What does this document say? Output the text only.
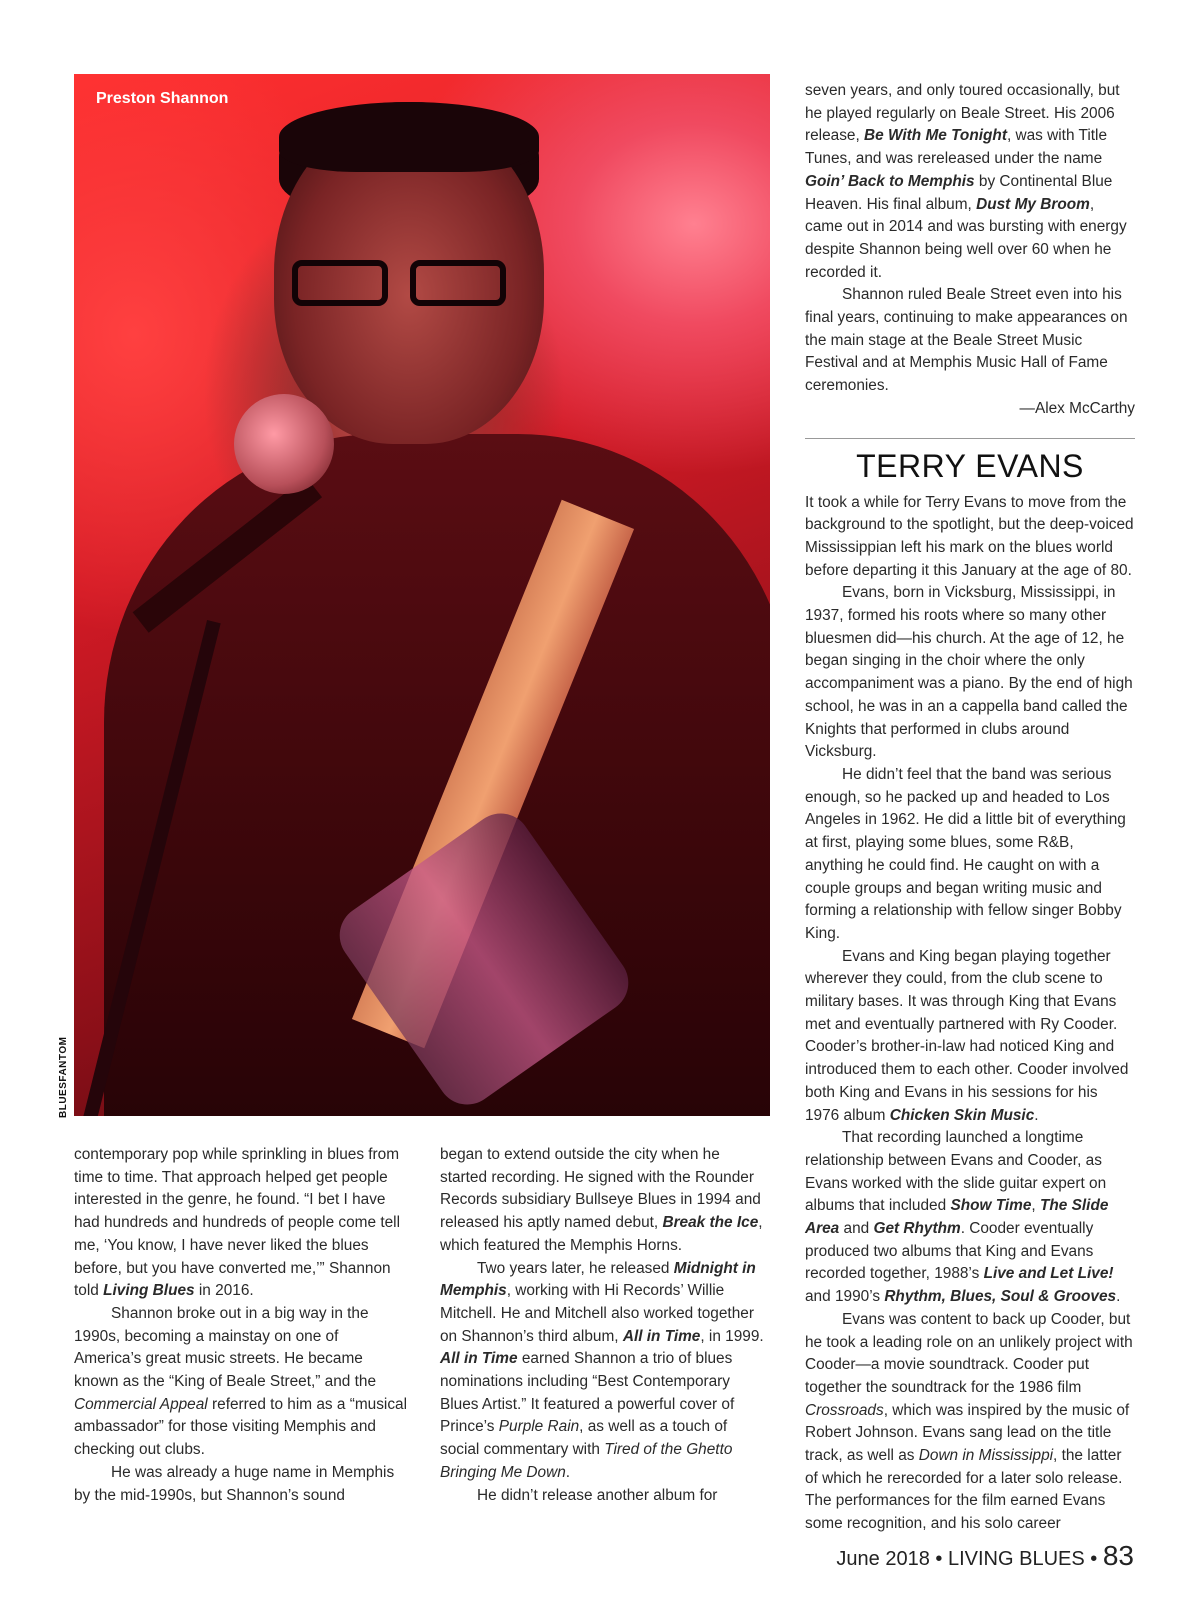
Preston Shannon
BLUESFANTOM

contemporary pop while sprinkling in blues from time to time. That approach helped get people interested in the genre, he found. “I bet I have had hundreds and hundreds of people come tell me, ‘You know, I have never liked the blues before, but you have converted me,’” Shannon told Living Blues in 2016.

Shannon broke out in a big way in the 1990s, becoming a mainstay on one of America’s great music streets. He became known as the “King of Beale Street,” and the Commercial Appeal referred to him as a “musical ambassador” for those visiting Memphis and checking out clubs.

He was already a huge name in Memphis by the mid-1990s, but Shannon’s sound

began to extend outside the city when he started recording. He signed with the Rounder Records subsidiary Bullseye Blues in 1994 and released his aptly named debut, Break the Ice, which featured the Memphis Horns.

Two years later, he released Midnight in Memphis, working with Hi Records’ Willie Mitchell. He and Mitchell also worked together on Shannon’s third album, All in Time, in 1999. All in Time earned Shannon a trio of blues nominations including “Best Contemporary Blues Artist.” It featured a powerful cover of Prince’s Purple Rain, as well as a touch of social commentary with Tired of the Ghetto Bringing Me Down.

He didn’t release another album for

seven years, and only toured occasionally, but he played regularly on Beale Street. His 2006 release, Be With Me Tonight, was with Title Tunes, and was rereleased under the name Goin’ Back to Memphis by Continental Blue Heaven. His final album, Dust My Broom, came out in 2014 and was bursting with energy despite Shannon being well over 60 when he recorded it.

Shannon ruled Beale Street even into his final years, continuing to make appearances on the main stage at the Beale Street Music Festival and at Memphis Music Hall of Fame ceremonies.

—Alex McCarthy

TERRY EVANS

It took a while for Terry Evans to move from the background to the spotlight, but the deep-voiced Mississippian left his mark on the blues world before departing it this January at the age of 80.

Evans, born in Vicksburg, Mississippi, in 1937, formed his roots where so many other bluesmen did—his church. At the age of 12, he began singing in the choir where the only accompaniment was a piano. By the end of high school, he was in an a cappella band called the Knights that performed in clubs around Vicksburg.

He didn’t feel that the band was serious enough, so he packed up and headed to Los Angeles in 1962. He did a little bit of everything at first, playing some blues, some R&B, anything he could find. He caught on with a couple groups and began writing music and forming a relationship with fellow singer Bobby King.

Evans and King began playing together wherever they could, from the club scene to military bases. It was through King that Evans met and eventually partnered with Ry Cooder. Cooder’s brother-in-law had noticed King and introduced them to each other. Cooder involved both King and Evans in his sessions for his 1976 album Chicken Skin Music.

That recording launched a longtime relationship between Evans and Cooder, as Evans worked with the slide guitar expert on albums that included Show Time, The Slide Area and Get Rhythm. Cooder eventually produced two albums that King and Evans recorded together, 1988’s Live and Let Live! and 1990’s Rhythm, Blues, Soul & Grooves.

Evans was content to back up Cooder, but he took a leading role on an unlikely project with Cooder—a movie soundtrack. Cooder put together the soundtrack for the 1986 film Crossroads, which was inspired by the music of Robert Johnson. Evans sang lead on the title track, as well as Down in Mississippi, the latter of which he rerecorded for a later solo release. The performances for the film earned Evans some recognition, and his solo career

June 2018 • LIVING BLUES • 83
